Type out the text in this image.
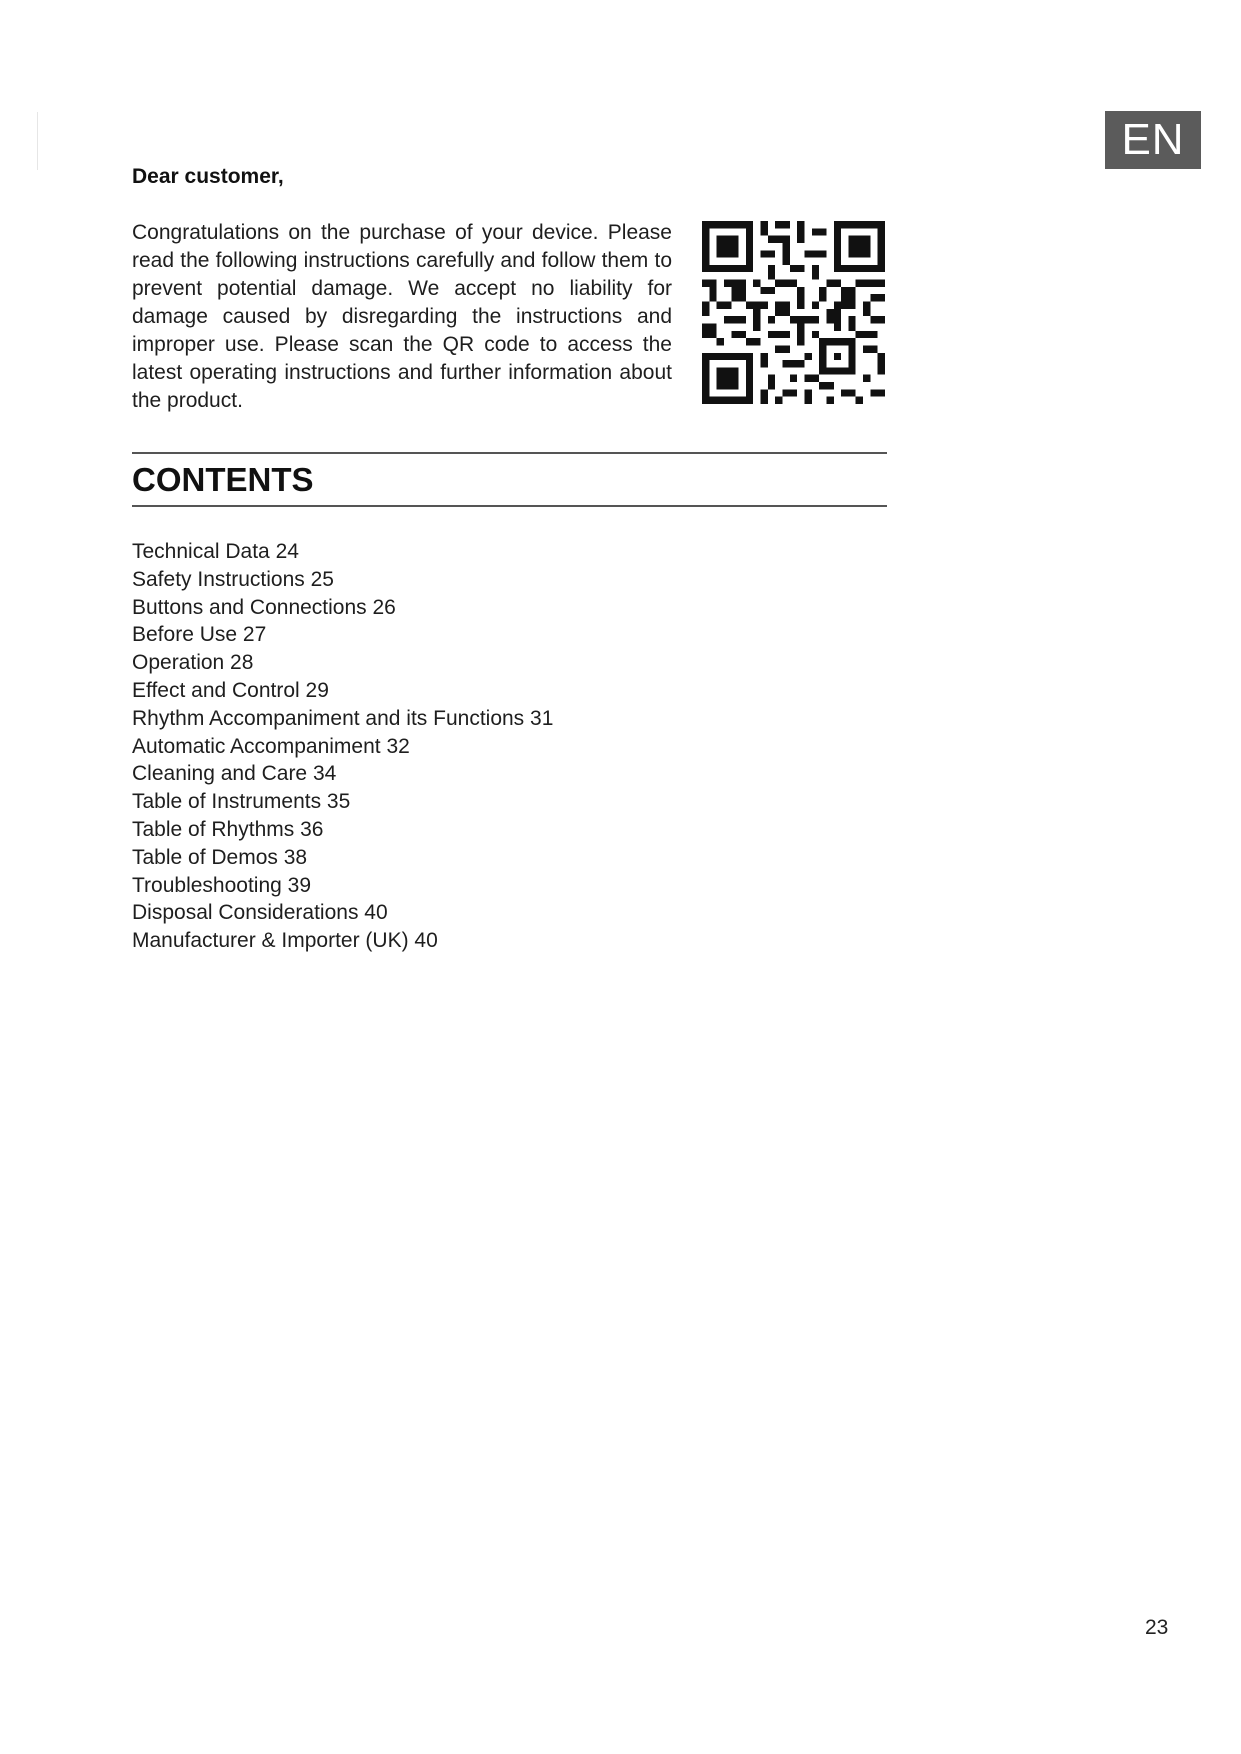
EN
Dear customer,

Congratulations on the purchase of your device. Please read the following instructions carefully and follow them to prevent potential damage. We accept no liability for damage caused by disregarding the instructions and improper use. Please scan the QR code to access the latest operating instructions and further information about the product.

CONTENTS
Technical Data 24
Safety Instructions 25
Buttons and Connections 26
Before Use 27
Operation 28
Effect and Control 29
Rhythm Accompaniment and its Functions 31
Automatic Accompaniment 32
Cleaning and Care 34
Table of Instruments 35
Table of Rhythms 36
Table of Demos 38
Troubleshooting 39
Disposal Considerations 40
Manufacturer & Importer (UK) 40
23
